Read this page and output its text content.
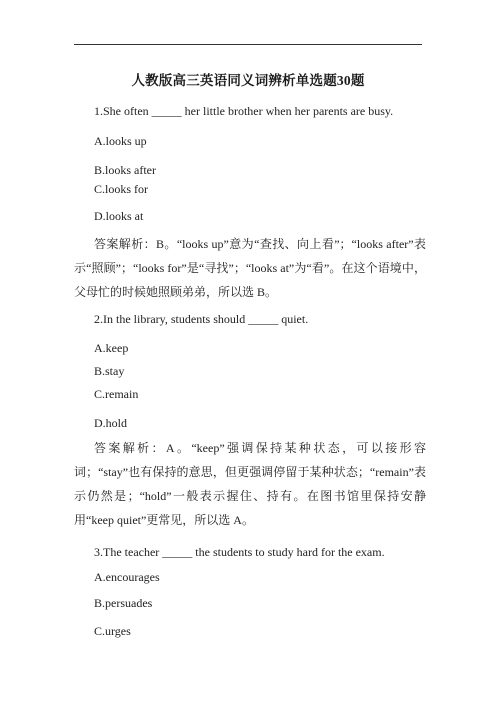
人教版高三英语同义词辨析单选题30题
1.She often _____ her little brother when her parents are busy.
A.looks up
B.looks after
C.looks for
D.looks at
答案解析：B。“looks up”意为“查找、向上看”；“looks after”表示“照顾”；“looks for”是“寻找”；“looks at”为“看”。在这个语境中，父母忙的时候她照顾弟弟，所以选 B。
2.In the library, students should _____ quiet.
A.keep
B.stay
C.remain
D.hold
答案解析：A。“keep”强调保持某种状态，可以接形容词；“stay”也有保持的意思，但更强调停留于某种状态；“remain”表示仍然是；“hold”一般表示握住、持有。在图书馆里保持安静用“keep quiet”更常见，所以选 A。
3.The teacher _____ the students to study hard for the exam.
A.encourages
B.persuades
C.urges
